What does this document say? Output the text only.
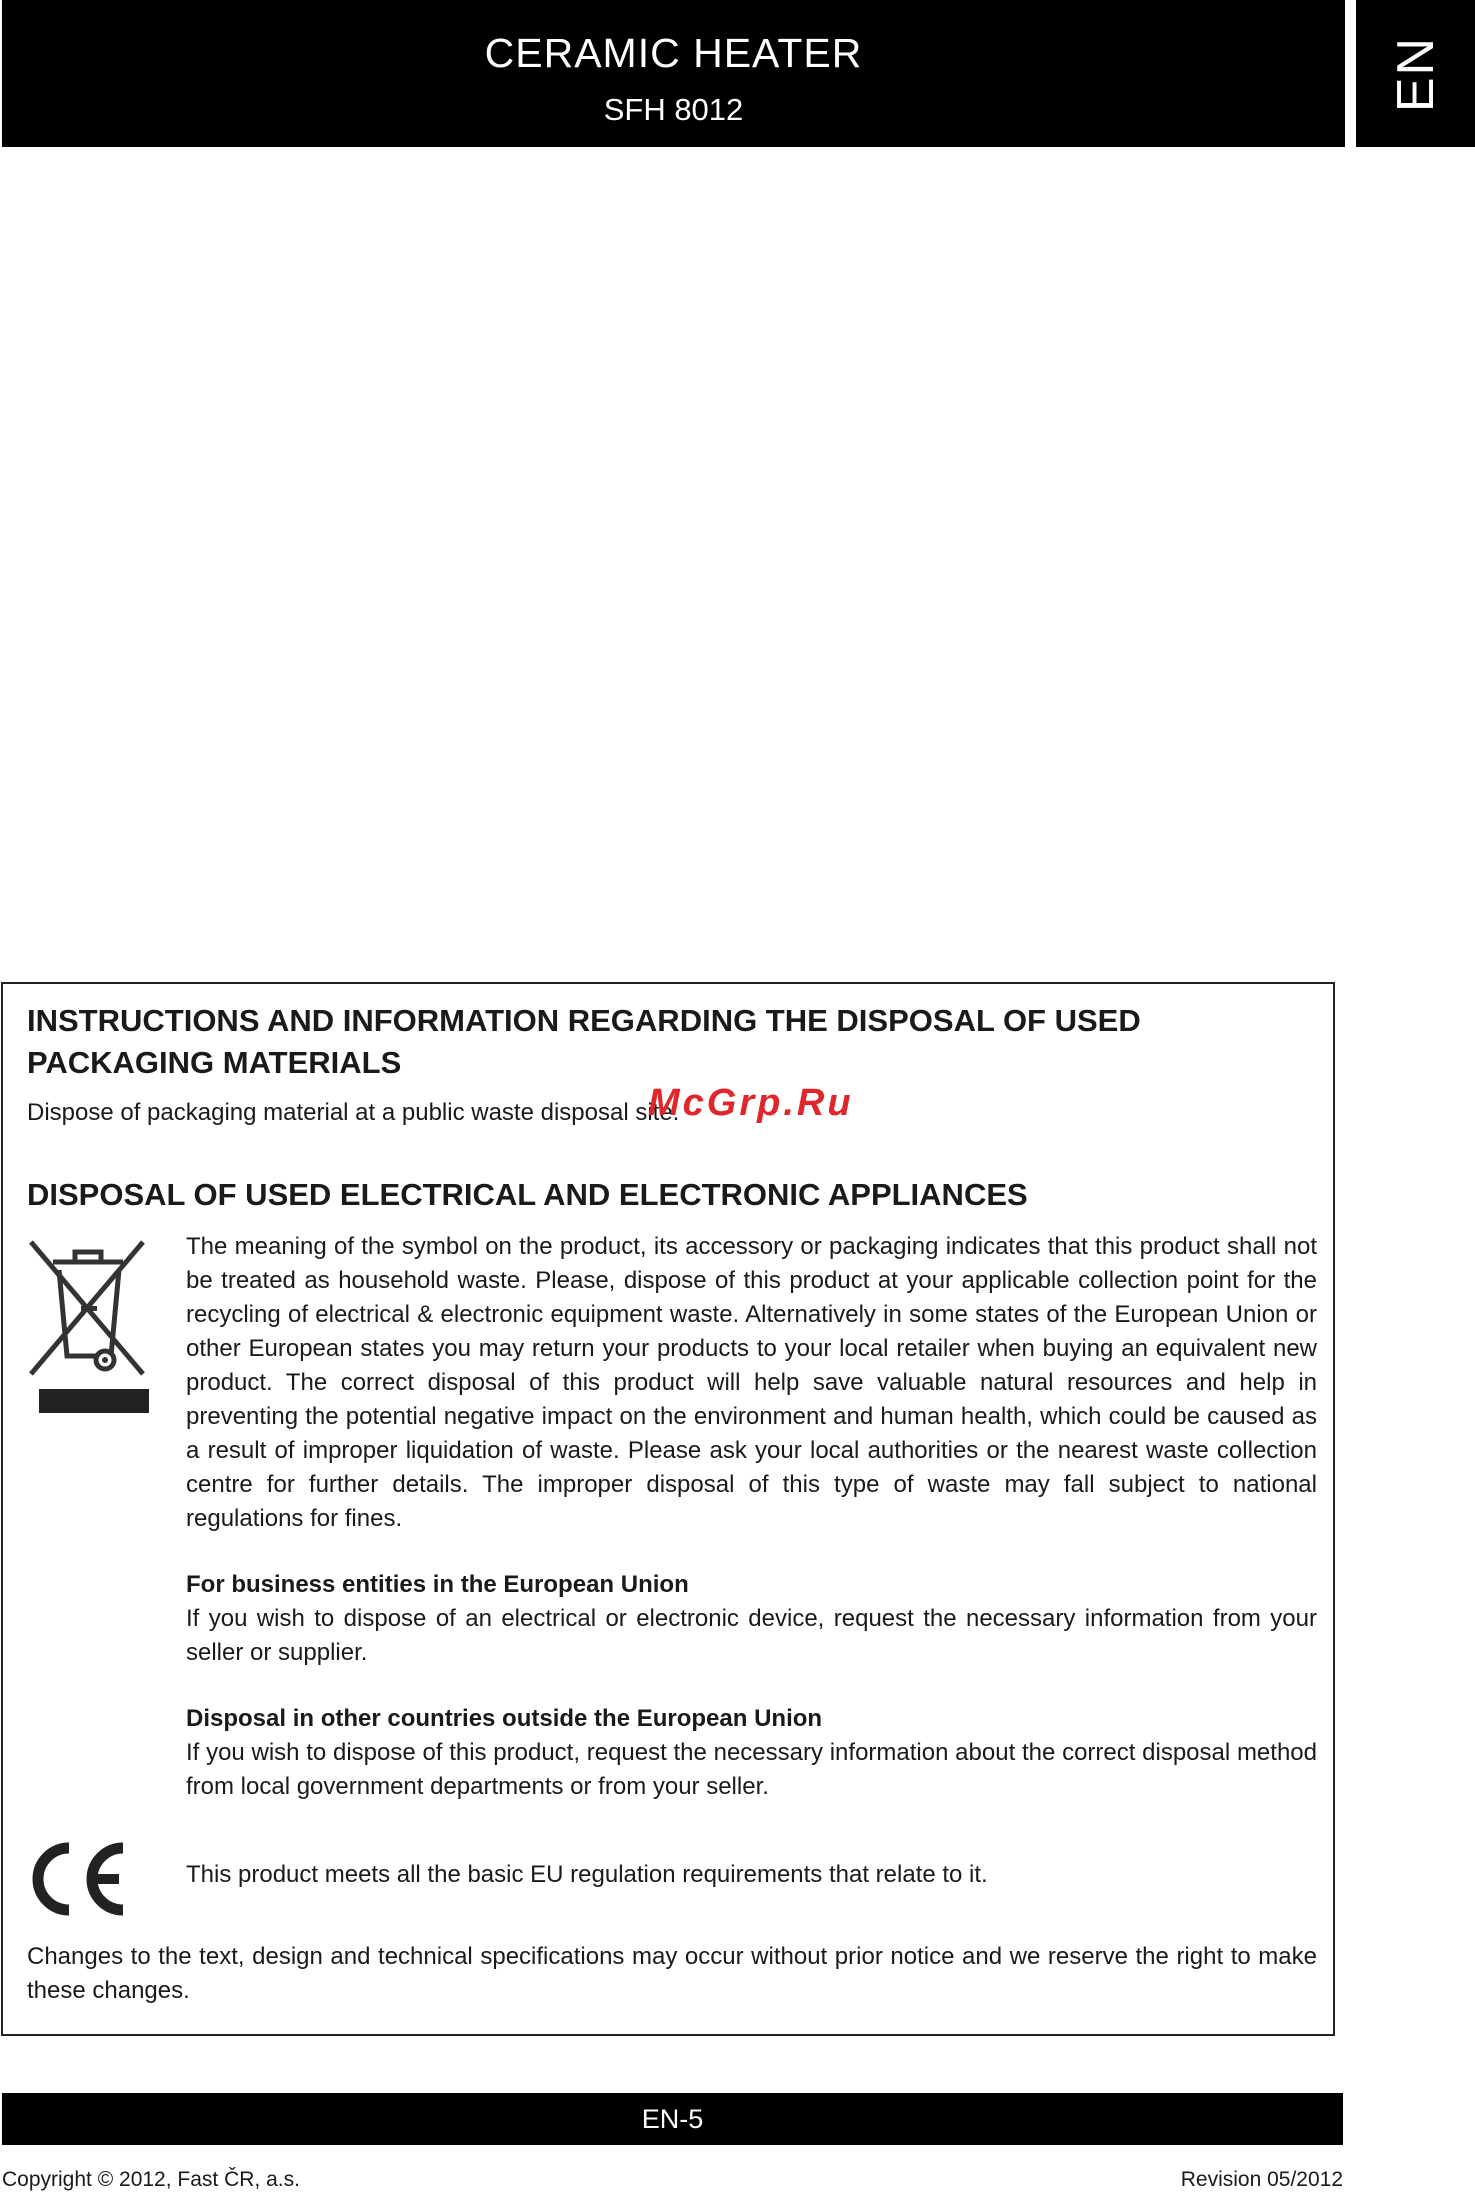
CERAMIC HEATER
SFH 8012	EN
INSTRUCTIONS AND INFORMATION REGARDING THE DISPOSAL OF USED PACKAGING MATERIALS
Dispose of packaging material at a public waste disposal site.
McGrp.Ru
DISPOSAL OF USED ELECTRICAL AND ELECTRONIC APPLIANCES
The meaning of the symbol on the product, its accessory or packaging indicates that this product shall not be treated as household waste. Please, dispose of this product at your applicable collection point for the recycling of electrical & electronic equipment waste. Alternatively in some states of the European Union or other European states you may return your products to your local retailer when buying an equivalent new product. The correct disposal of this product will help save valuable natural resources and help in preventing the potential negative impact on the environment and human health, which could be caused as a result of improper liquidation of waste. Please ask your local authorities or the nearest waste collection centre for further details. The improper disposal of this type of waste may fall subject to national regulations for fines.
For business entities in the European Union
If you wish to dispose of an electrical or electronic device, request the necessary information from your seller or supplier.
Disposal in other countries outside the European Union
If you wish to dispose of this product, request the necessary information about the correct disposal method from local government departments or from your seller.
This product meets all the basic EU regulation requirements that relate to it.
Changes to the text, design and technical specifications may occur without prior notice and we reserve the right to make these changes.
EN-5
Copyright © 2012, Fast ČR, a.s.	Revision 05/2012
